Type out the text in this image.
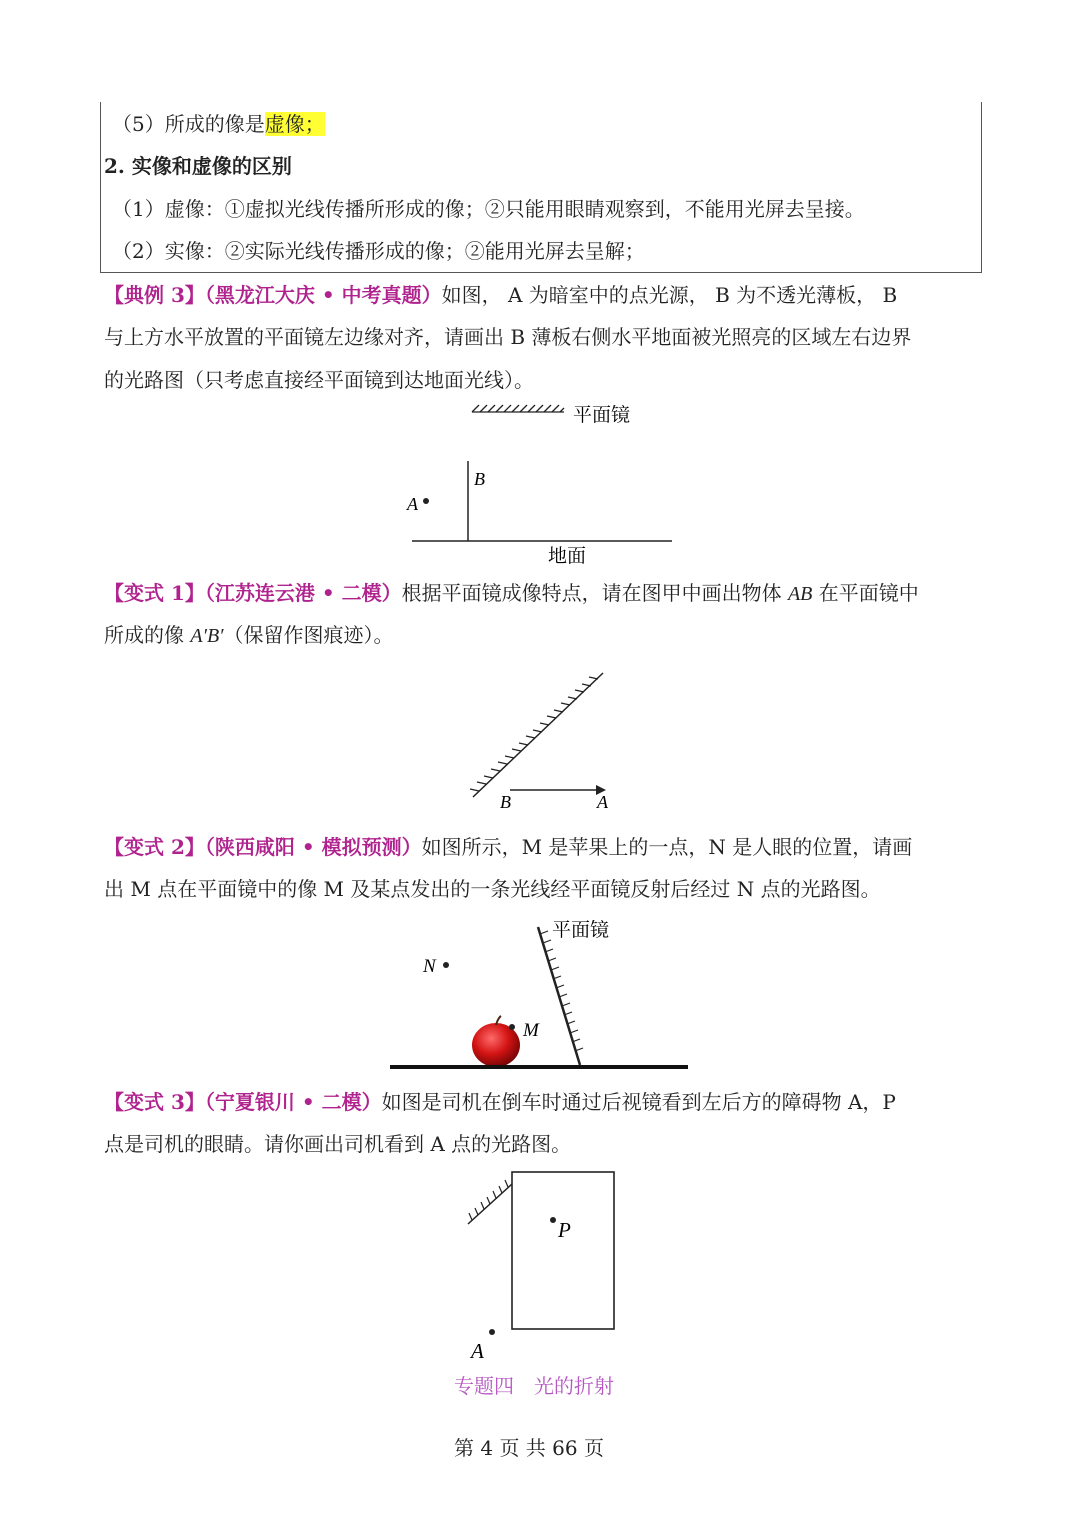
（5）所成的像是虚像；
2. 实像和虚像的区别
（1）虚像：①虚拟光线传播所形成的像；②只能用眼睛观察到，不能用光屏去呈接。
（2）实像：②实际光线传播形成的像；②能用光屏去呈解；
【典例 3】（黑龙江大庆 • 中考真题）如图， A 为暗室中的点光源， B 为不透光薄板， B
与上方水平放置的平面镜左边缘对齐，请画出 B 薄板右侧水平地面被光照亮的区域左右边界
的光路图（只考虑直接经平面镜到达地面光线）。
平面镜
B
A
地面
【变式 1】（江苏连云港 • 二模）根据平面镜成像特点，请在图甲中画出物体 AB 在平面镜中
所成的像 A′B′（保留作图痕迹）。
B	A
【变式 2】（陕西咸阳 • 模拟预测）如图所示，M 是苹果上的一点，N 是人眼的位置，请画
出 M 点在平面镜中的像 M 及某点发出的一条光线经平面镜反射后经过 N 点的光路图。
平面镜
N
M
【变式 3】（宁夏银川 • 二模）如图是司机在倒车时通过后视镜看到左后方的障碍物 A，P
点是司机的眼睛。请你画出司机看到 A 点的光路图。
P
A
专题四　光的折射
第 4 页 共 66 页
